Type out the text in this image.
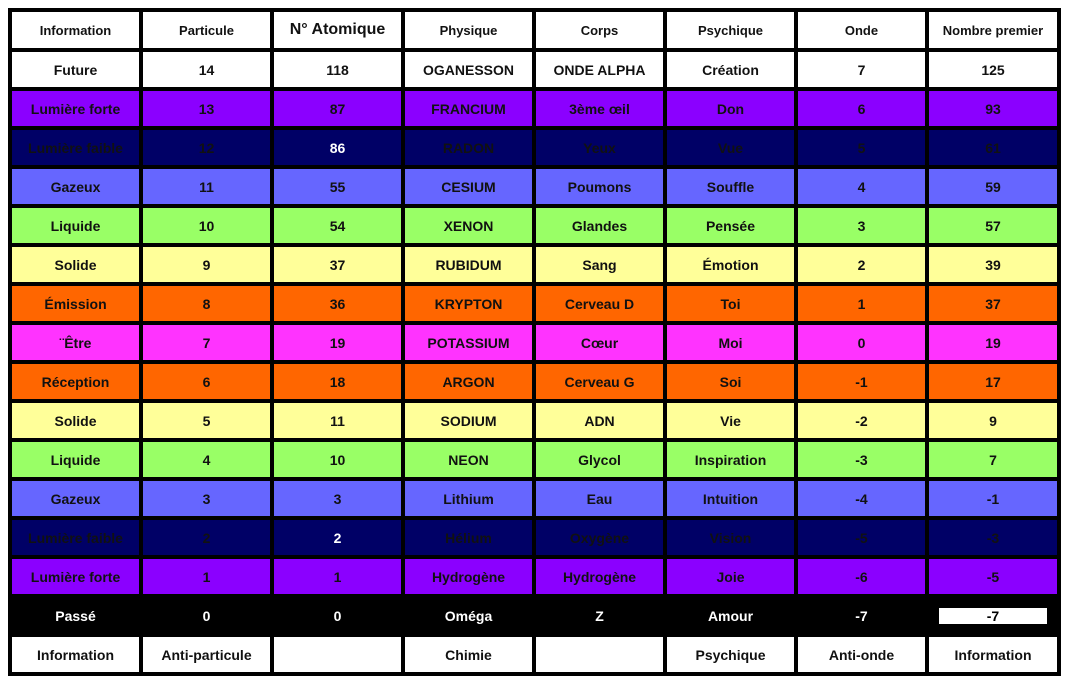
Information	Particule	N° Atomique	Physique	Corps	Psychique	Onde	Nombre premier
Future	14	118	OGANESSON	ONDE ALPHA	Création	7	125
Lumière forte	13	87	FRANCIUM	3ème œil	Don	6	93
Lumière faible	12	86	RADON	Yeux	Vue	5	61
Gazeux	11	55	CESIUM	Poumons	Souffle	4	59
Liquide	10	54	XENON	Glandes	Pensée	3	57
Solide	9	37	RUBIDUM	Sang	Émotion	2	39
Émission	8	36	KRYPTON	Cerveau D	Toi	1	37
¨Être	7	19	POTASSIUM	Cœur	Moi	0	19
Réception	6	18	ARGON	Cerveau G	Soi	-1	17
Solide	5	11	SODIUM	ADN	Vie	-2	9
Liquide	4	10	NEON	Glycol	Inspiration	-3	7
Gazeux	3	3	Lithium	Eau	Intuition	-4	-1
Lumière faible	2	2	Hélium	Oxygène	Vision	-5	-3
Lumière forte	1	1	Hydrogène	Hydrogène	Joie	-6	-5
Passé	0	0	Oméga	Z	Amour	-7	-7
Information	Anti-particule		Chimie		Psychique	Anti-onde	Information
